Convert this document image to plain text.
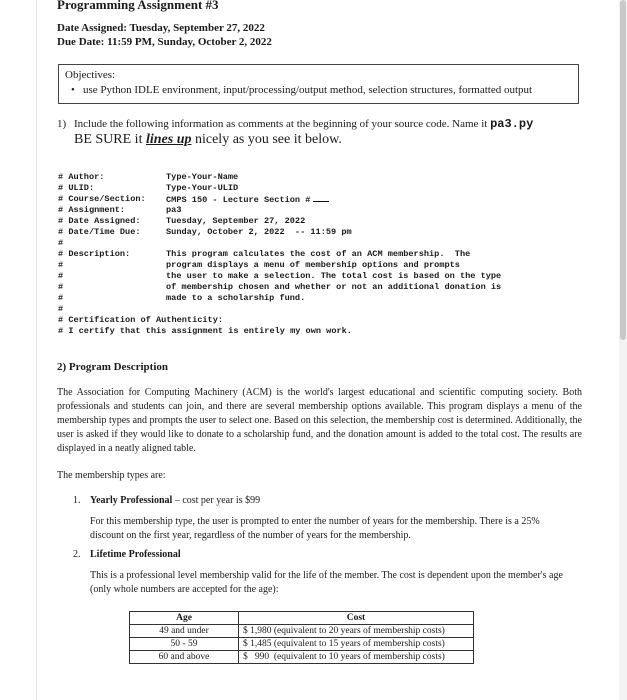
Programming Assignment #3
Date Assigned: Tuesday, September 27, 2022
Due Date: 11:59 PM, Sunday, October 2, 2022
Objectives:
• use Python IDLE environment, input/processing/output method, selection structures, formatted output
1) Include the following information as comments at the beginning of your source code. Name it pa3.py
BE SURE it lines up nicely as you see it below.
# Author:	Type-Your-Name
# ULID:	Type-Your-ULID
# Course/Section: CMPS 150 - Lecture Section #
# Assignment:	pa3
# Date Assigned:	Tuesday, September 27, 2022
# Date/Time Due:	Sunday, October 2, 2022  -- 11:59 pm
#
# Description:	This program calculates the cost of an ACM membership.  The
#	program displays a menu of membership options and prompts
#	the user to make a selection. The total cost is based on the type
#	of membership chosen and whether or not an additional donation is
#	made to a scholarship fund.
#
# Certification of Authenticity:
# I certify that this assignment is entirely my own work.
2) Program Description
The Association for Computing Machinery (ACM) is the world's largest educational and scientific computing society. Both professionals and students can join, and there are several membership options available. This program displays a menu of the membership types and prompts the user to select one. Based on this selection, the membership cost is determined. Additionally, the user is asked if they would like to donate to a scholarship fund, and the donation amount is added to the total cost. The results are displayed in a neatly aligned table.
The membership types are:
1. Yearly Professional – cost per year is $99
For this membership type, the user is prompted to enter the number of years for the membership. There is a 25% discount on the first year, regardless of the number of years for the membership.
2. Lifetime Professional
This is a professional level membership valid for the life of the member. The cost is dependent upon the member's age (only whole numbers are accepted for the age):
Age	Cost
49 and under	$ 1,980 (equivalent to 20 years of membership costs)
50 - 59	$ 1,485 (equivalent to 15 years of membership costs)
60 and above	$   990  (equivalent to 10 years of membership costs)
